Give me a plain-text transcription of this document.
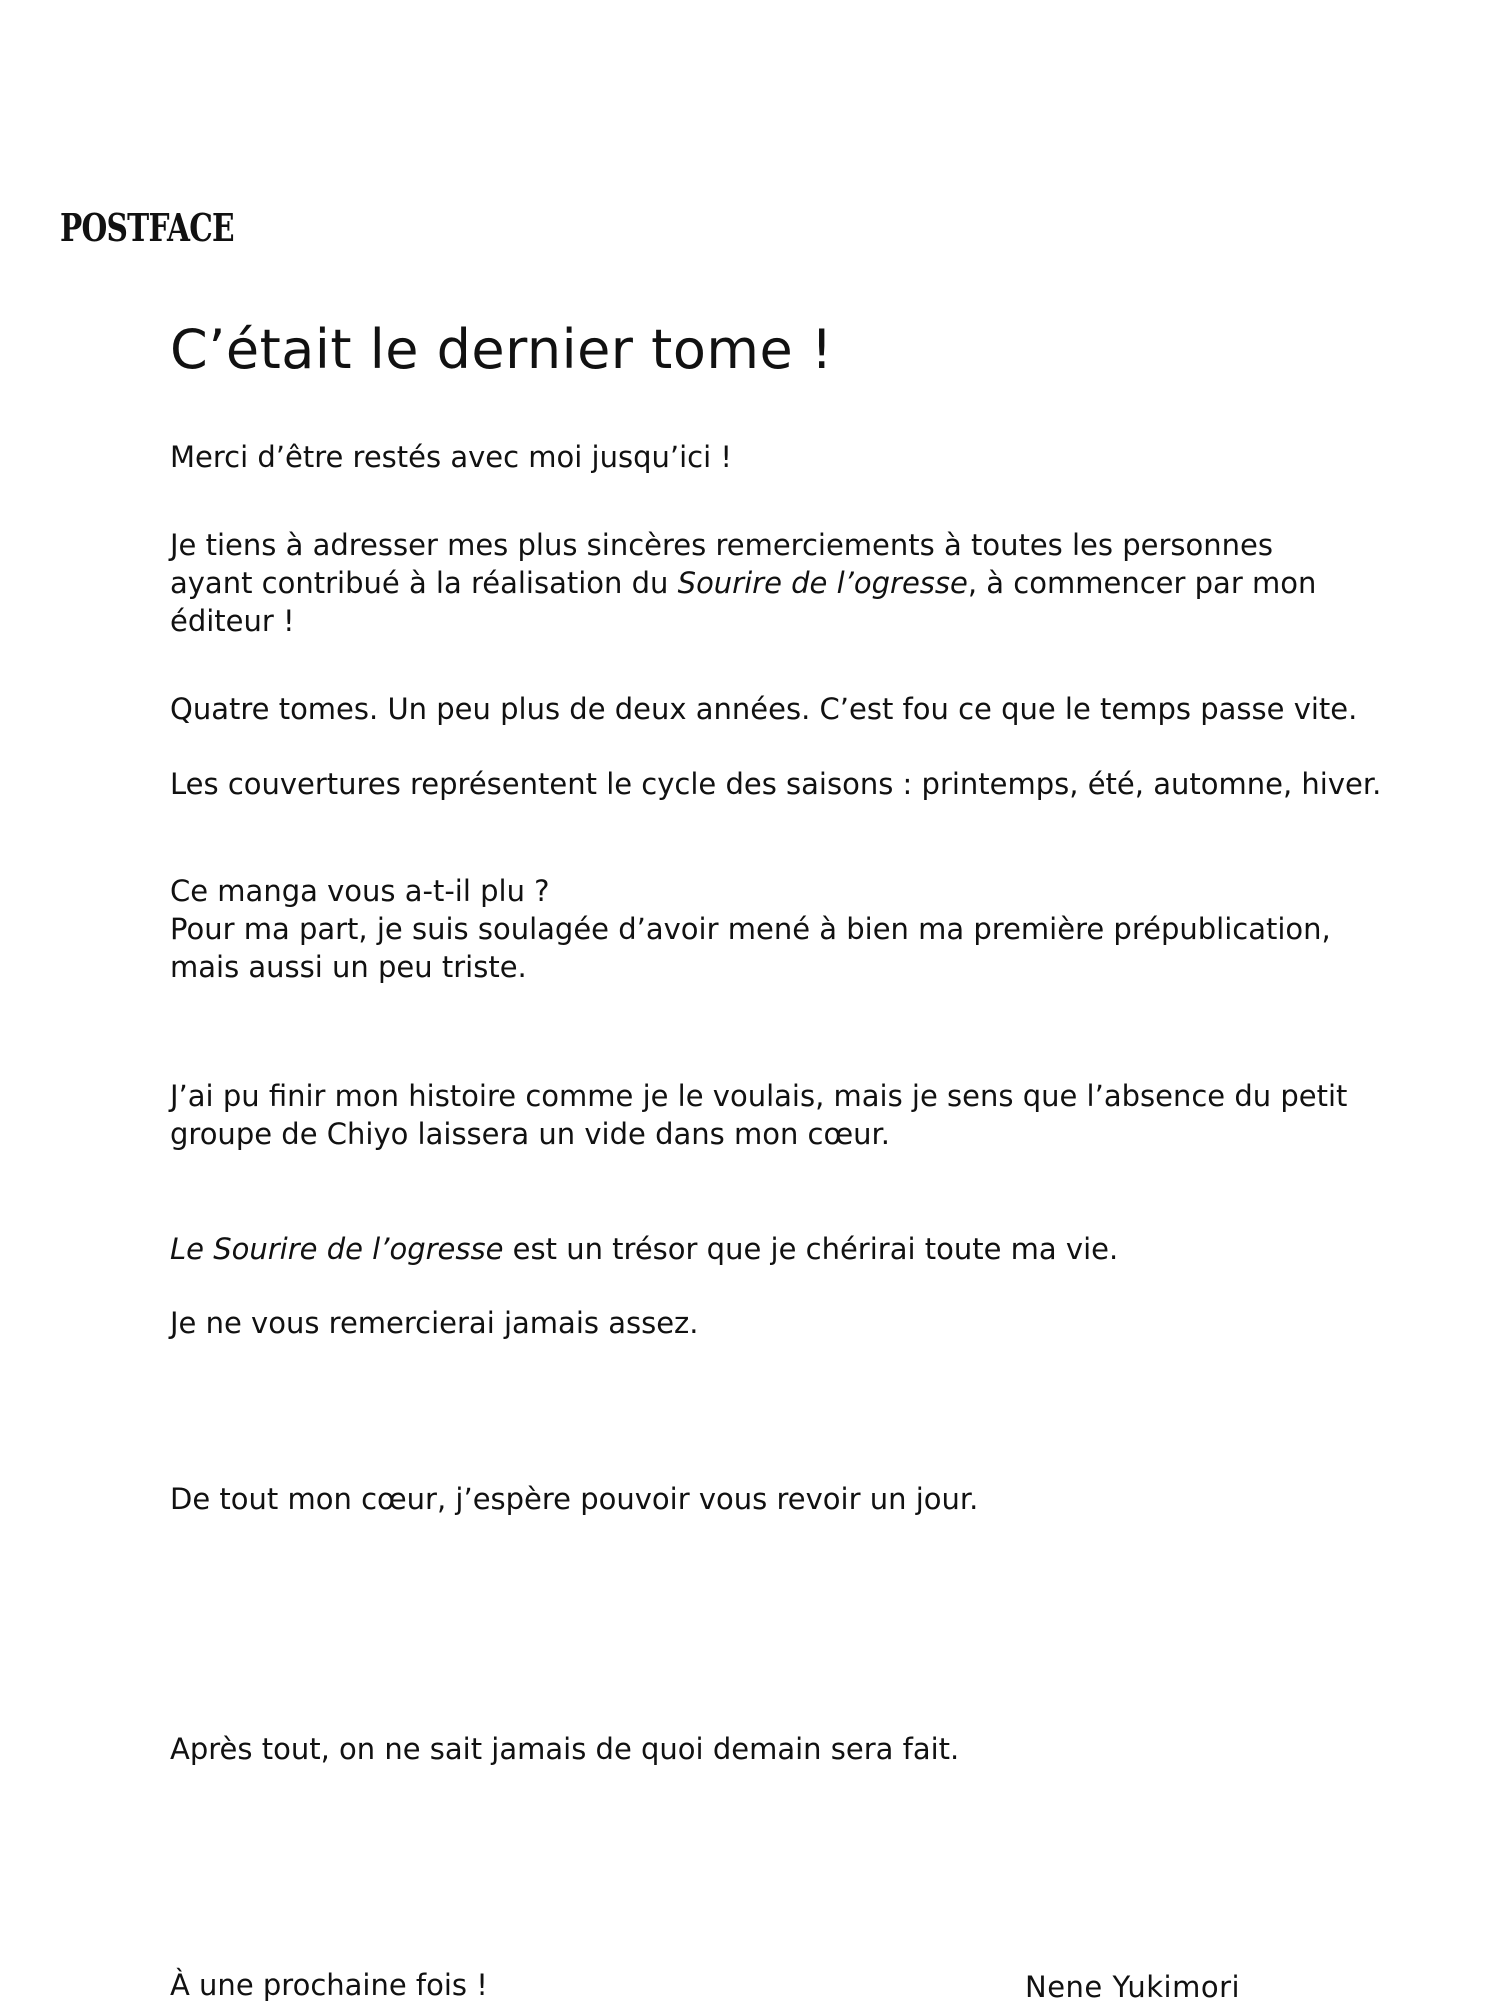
POSTFACE
C’était le dernier tome !

Merci d’être restés avec moi jusqu’ici !

Je tiens à adresser mes plus sincères remerciements à toutes les personnes
ayant contribué à la réalisation du Sourire de l’ogresse, à commencer par mon
éditeur !

Quatre tomes. Un peu plus de deux années. C’est fou ce que le temps passe vite.

Les couvertures représentent le cycle des saisons : printemps, été, automne, hiver.

Ce manga vous a-t-il plu ?
Pour ma part, je suis soulagée d’avoir mené à bien ma première prépublication,
mais aussi un peu triste.

J’ai pu finir mon histoire comme je le voulais, mais je sens que l’absence du petit
groupe de Chiyo laissera un vide dans mon cœur.

Le Sourire de l’ogresse est un trésor que je chérirai toute ma vie.

Je ne vous remercierai jamais assez.

De tout mon cœur, j’espère pouvoir vous revoir un jour.

Après tout, on ne sait jamais de quoi demain sera fait.

À une prochaine fois !	Nene Yukimori
